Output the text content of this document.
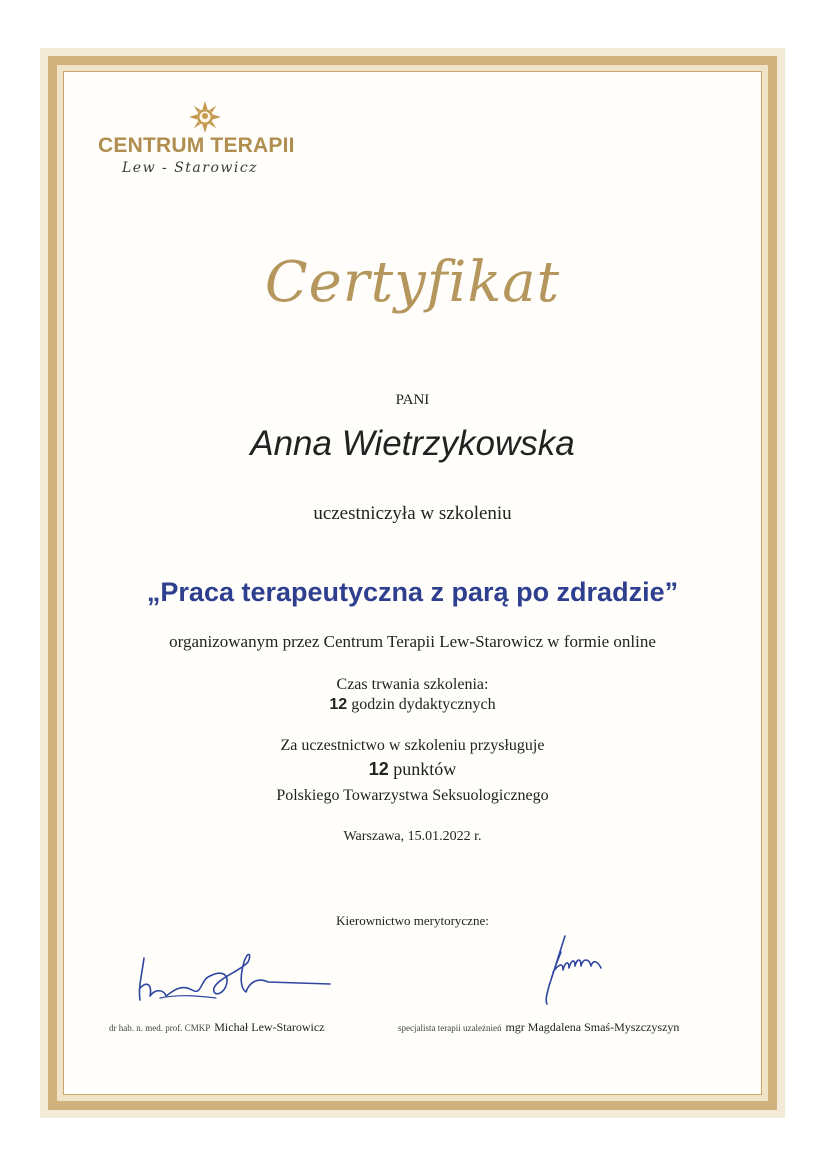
CENTRUM TERAPII
Lew - Starowicz
Certyfikat
PANI
Anna Wietrzykowska
uczestniczyła w szkoleniu
„Praca terapeutyczna z parą po zdradzie”
organizowanym przez Centrum Terapii Lew-Starowicz w formie online
Czas trwania szkolenia:
12 godzin dydaktycznych
Za uczestnictwo w szkoleniu przysługuje
12 punktów
Polskiego Towarzystwa Seksuologicznego
Warszawa, 15.01.2022 r.
Kierownictwo merytoryczne:
dr hab. n. med. prof. CMKP Michał Lew-Starowicz	specjalista terapii uzależnień mgr Magdalena Smaś-Myszczyszyn
